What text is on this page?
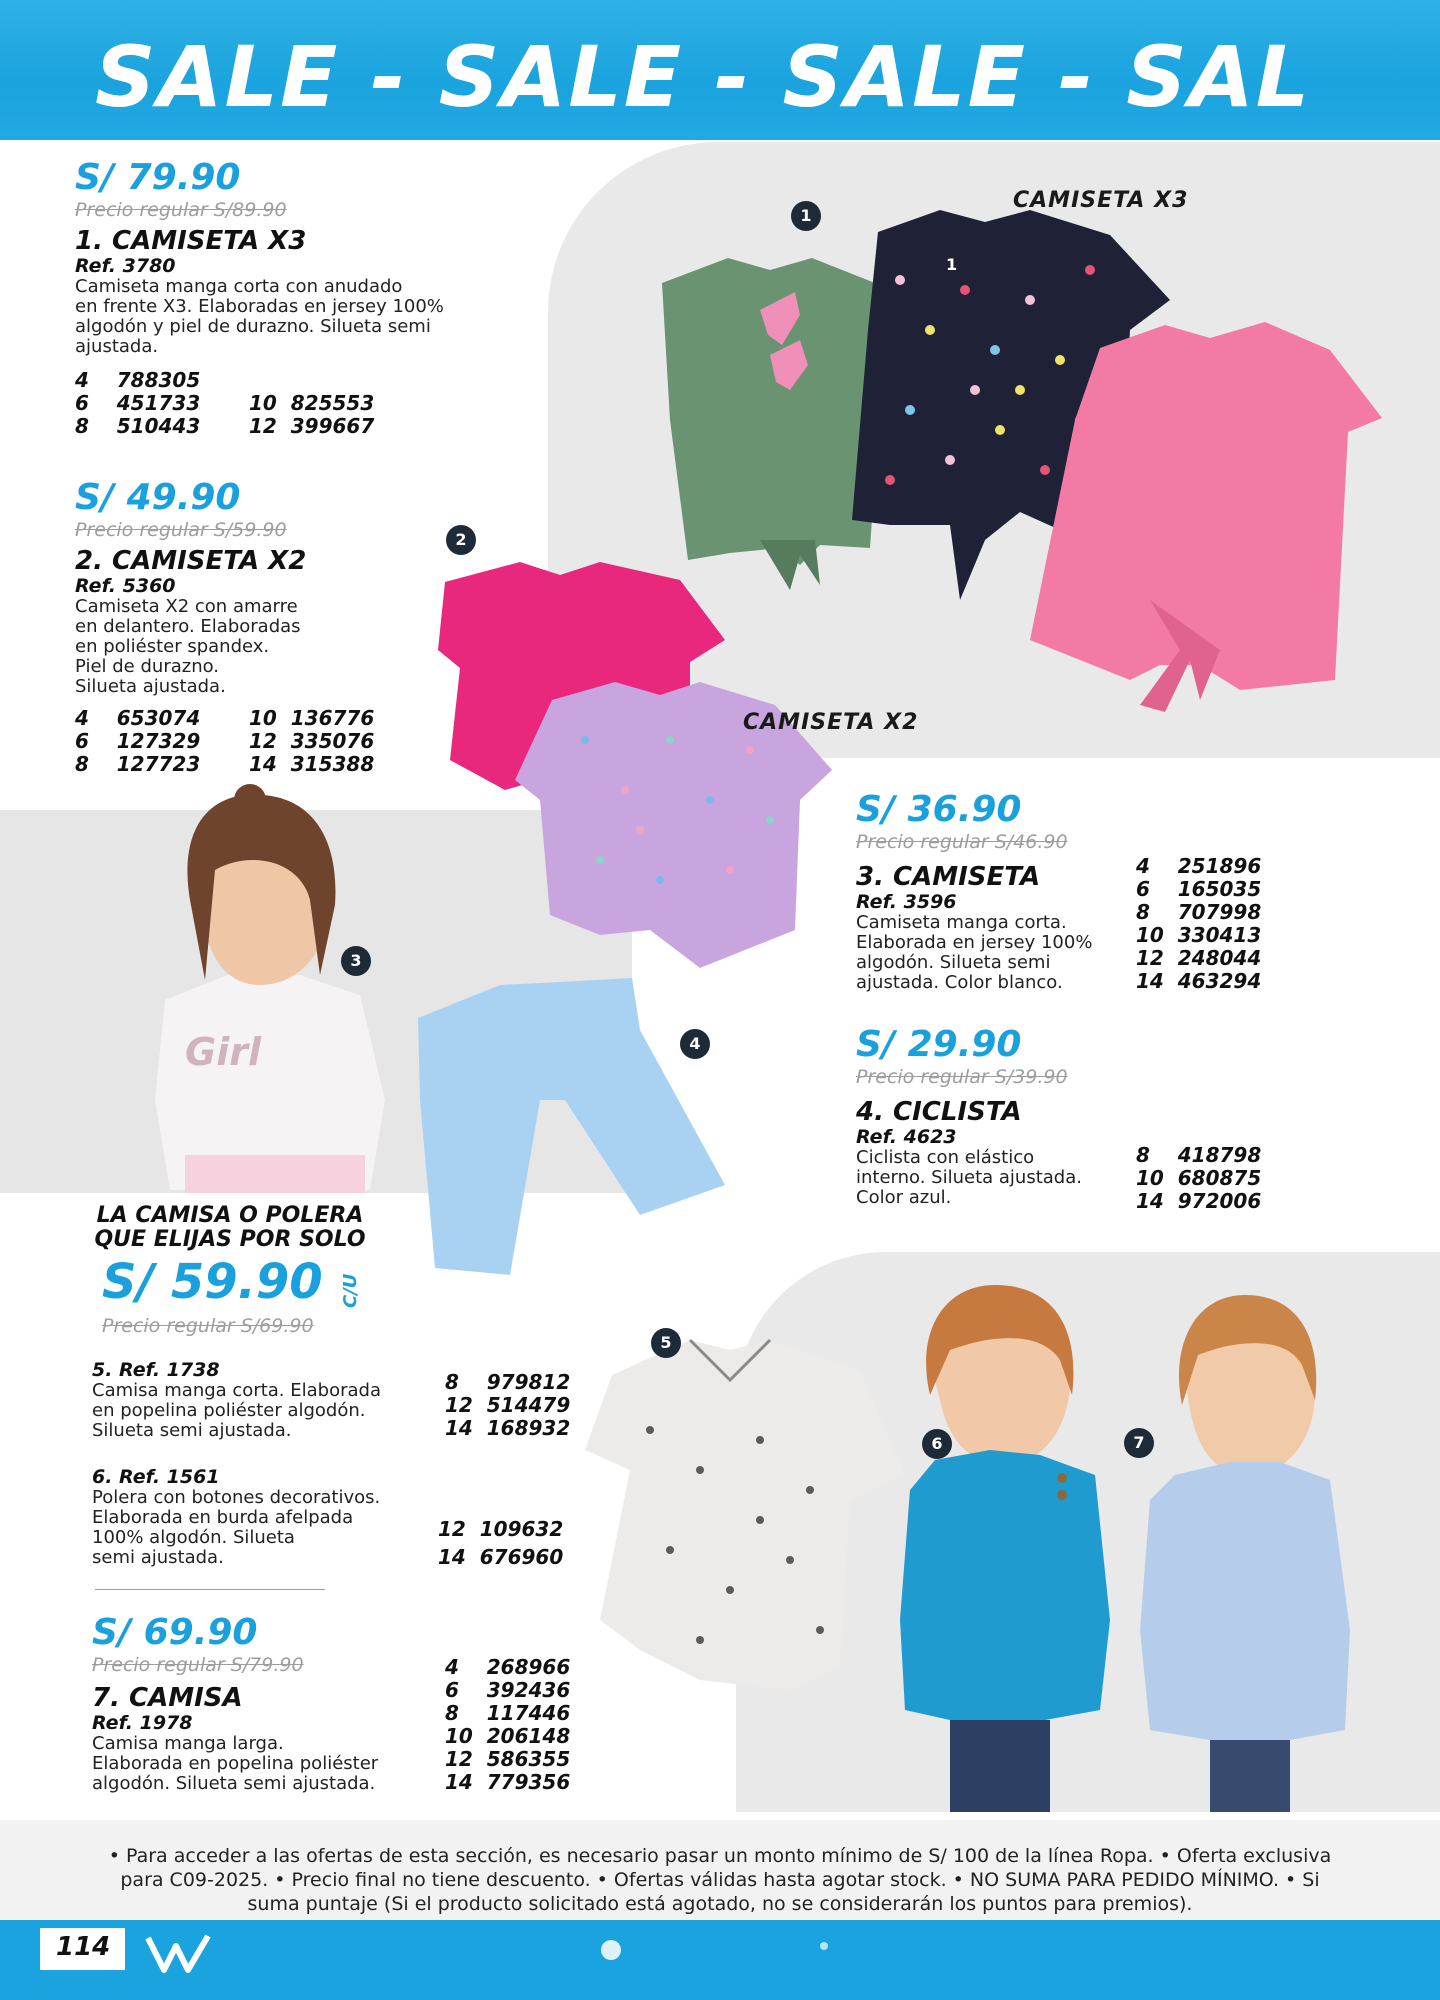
SALE - SALE - SALE - SAL
Girl
1
1
2
3
4
5
6	7
CAMISETA X3
CAMISETA X2
S/ 79.90
Precio regular S/89.90
1. CAMISETA X3
Ref. 3780
Camiseta manga corta con anudado
en frente X3. Elaboradas en jersey 100%
algodón y piel de durazno. Silueta semi
ajustada.
4    788305
6    451733       10  825553
8    510443       12  399667
S/ 49.90
Precio regular S/59.90
2. CAMISETA X2
Ref. 5360
Camiseta X2 con amarre
en delantero. Elaboradas
en poliéster spandex.
Piel de durazno.
Silueta ajustada.
4    653074       10  136776
6    127329       12  335076
8    127723       14  315388
S/ 36.90
Precio regular S/46.90
3. CAMISETA
Ref. 3596
Camiseta manga corta.
Elaborada en jersey 100%
algodón. Silueta semi
ajustada. Color blanco.
4    251896
6    165035
8    707998
10  330413
12  248044
14  463294
S/ 29.90
Precio regular S/39.90
4. CICLISTA
Ref. 4623
Ciclista con elástico
interno. Silueta ajustada.
Color azul.
8    418798
10  680875
14  972006
LA CAMISA O POLERA
QUE ELIJAS POR SOLO
S/ 59.90 C/U
Precio regular S/69.90
5. Ref. 1738
Camisa manga corta. Elaborada
en popelina poliéster algodón.
Silueta semi ajustada.
8    979812
12  514479
14  168932
6. Ref. 1561
Polera con botones decorativos.
Elaborada en burda afelpada
100% algodón. Silueta
semi ajustada.
12  109632
14  676960
S/ 69.90
Precio regular S/79.90
7. CAMISA
Ref. 1978
Camisa manga larga.
Elaborada en popelina poliéster
algodón. Silueta semi ajustada.
4    268966
6    392436
8    117446
10  206148
12  586355
14  779356
• Para acceder a las ofertas de esta sección, es necesario pasar un monto mínimo de S/ 100 de la línea Ropa. • Oferta exclusiva para C09-2025. • Precio final no tiene descuento. • Ofertas válidas hasta agotar stock. • NO SUMA PARA PEDIDO MÍNIMO. • Si suma puntaje (Si el producto solicitado está agotado, no se considerarán los puntos para premios).
114
